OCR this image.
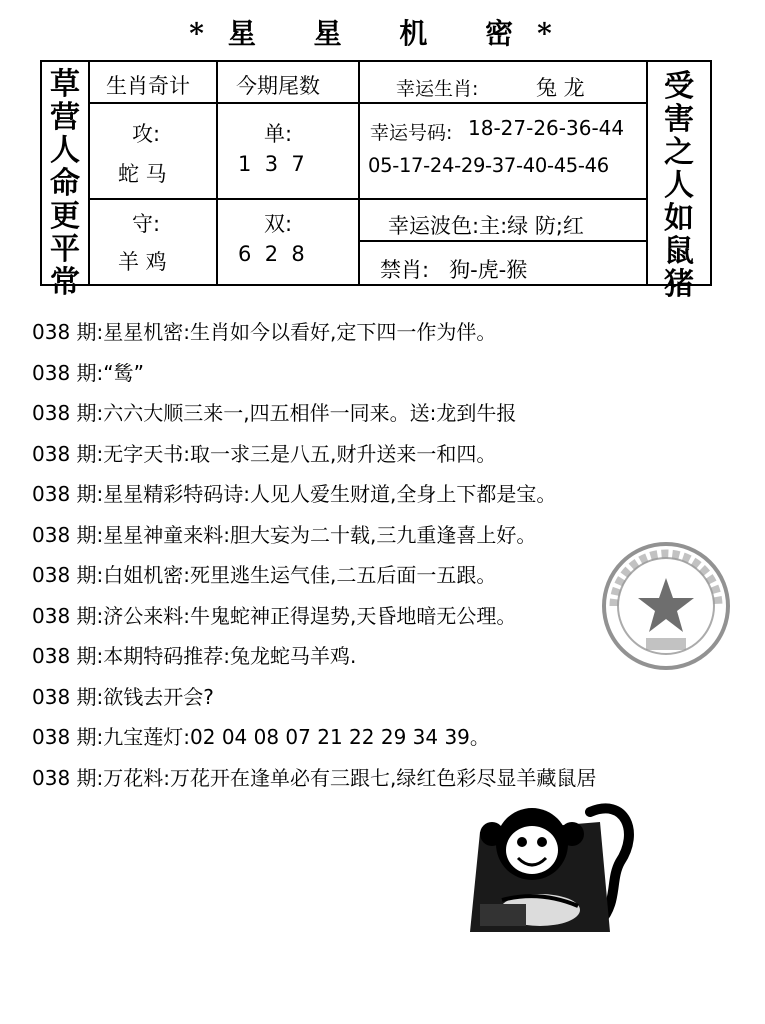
*星 星 机 密*
草
营
人
命
更
平
常
受
害
之
人
如
鼠
猪
生肖奇计 今期尾数
攻:
蛇 马
单:
1  3  7
守:
羊 鸡
双:
6  2  8
幸运生肖:	兔 龙
幸运号码: 18-27-26-36-44
05-17-24-29-37-40-45-46
幸运波色:主:绿 防;红
禁肖:   狗-虎-猴
038 期:星星机密:生肖如今以看好,定下四一作为伴。
038 期:“鸶”
038 期:六六大顺三来一,四五相伴一同来。送:龙到牛报
038 期:无字天书:取一求三是八五,财升送来一和四。
038 期:星星精彩特码诗:人见人爱生财道,全身上下都是宝。
038 期:星星神童来料:胆大妄为二十载,三九重逢喜上好。
038 期:白姐机密:死里逃生运气佳,二五后面一五跟。
038 期:济公来料:牛鬼蛇神正得逞势,天昏地暗无公理。
038 期:本期特码推荐:兔龙蛇马羊鸡.
038 期:欲钱去开会?
038 期:九宝莲灯:02 04 08 07 21 22 29 34 39。
038 期:万花料:万花开在逢单必有三跟七,绿红色彩尽显羊藏鼠居
